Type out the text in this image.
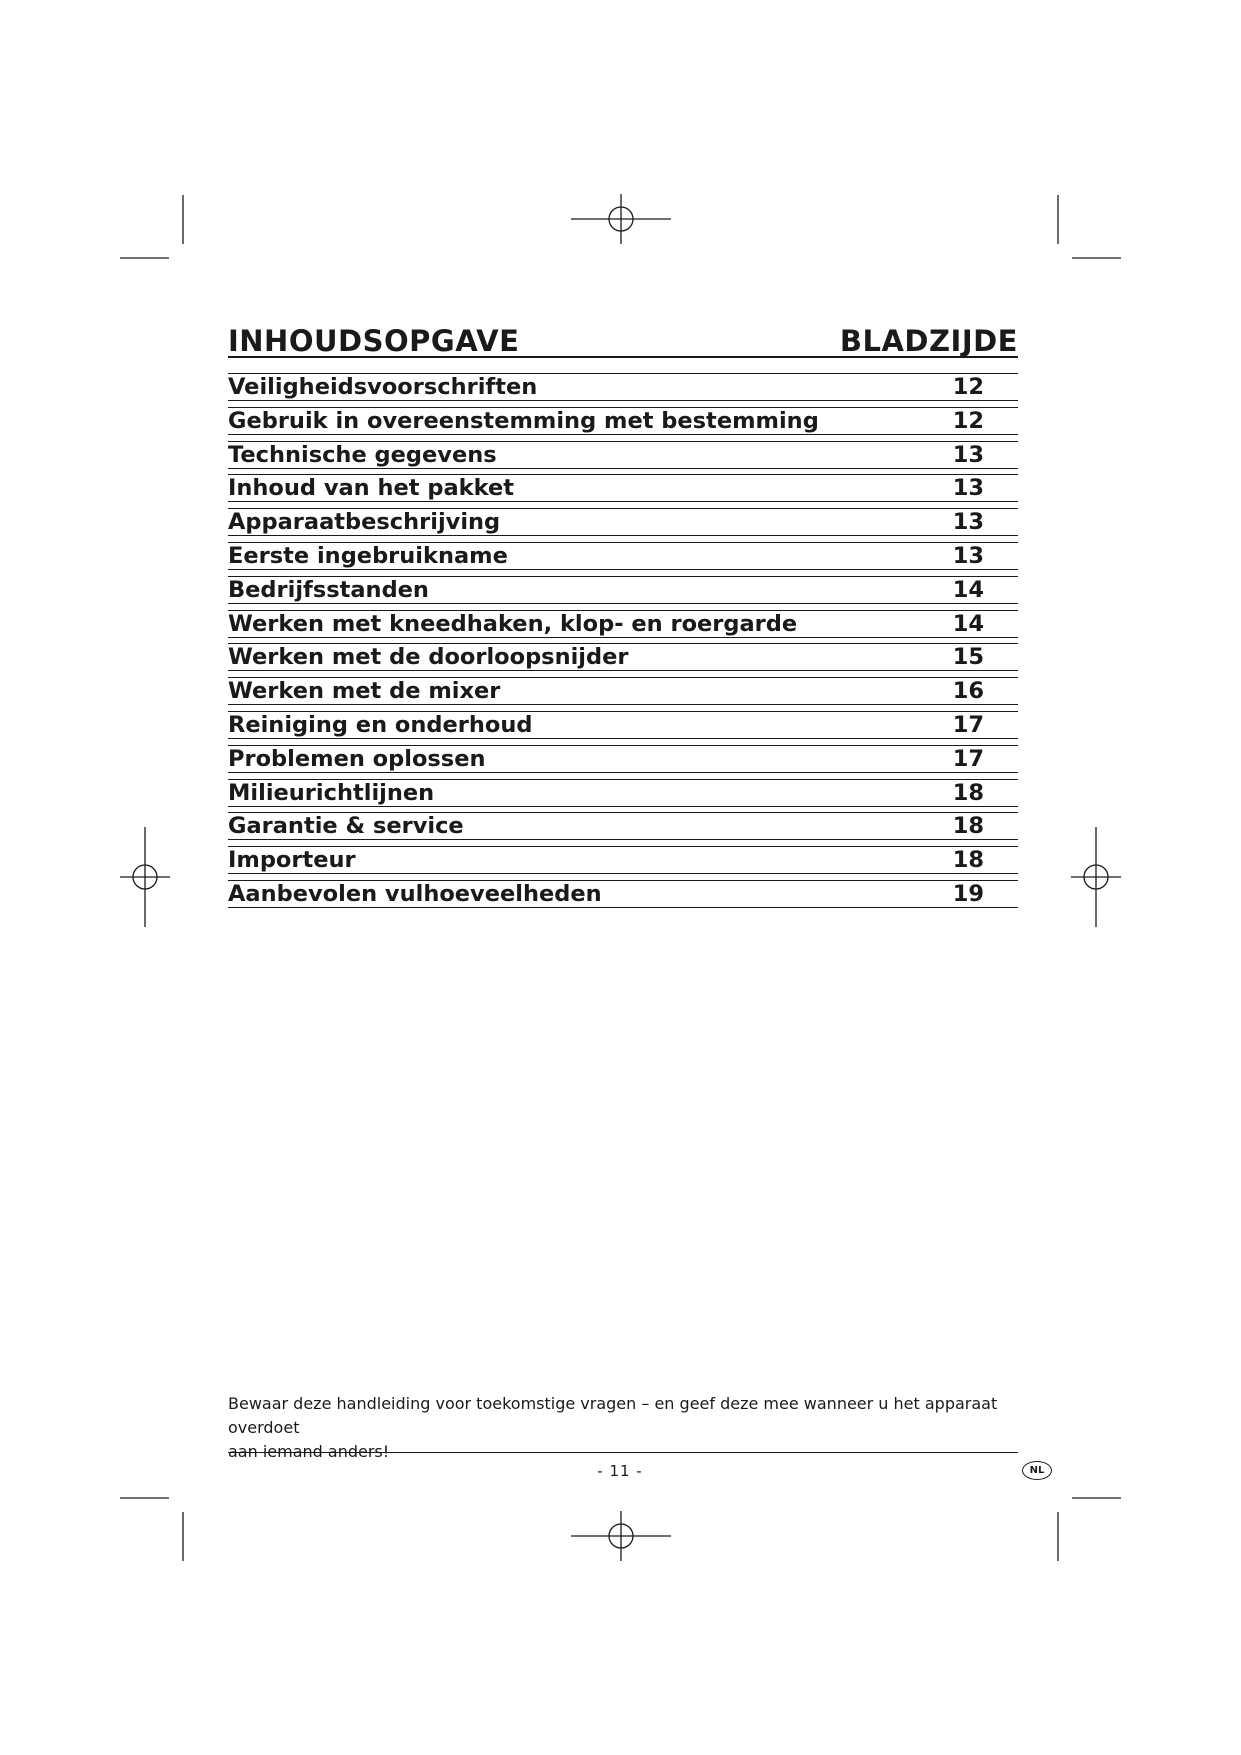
INHOUDSOPGAVE	BLADZIJDE
Veiligheidsvoorschriften	12
Gebruik in overeenstemming met bestemming	12
Technische gegevens	13
Inhoud van het pakket	13
Apparaatbeschrijving	13
Eerste ingebruikname	13
Bedrijfsstanden	14
Werken met kneedhaken, klop- en roergarde	14
Werken met de doorloopsnijder	15
Werken met de mixer	16
Reiniging en onderhoud	17
Problemen oplossen	17
Milieurichtlijnen	18
Garantie & service	18
Importeur	18
Aanbevolen vulhoeveelheden	19
Bewaar deze handleiding voor toekomstige vragen – en geef deze mee wanneer u het apparaat overdoet
aan iemand anders!
- 11 -	NL
